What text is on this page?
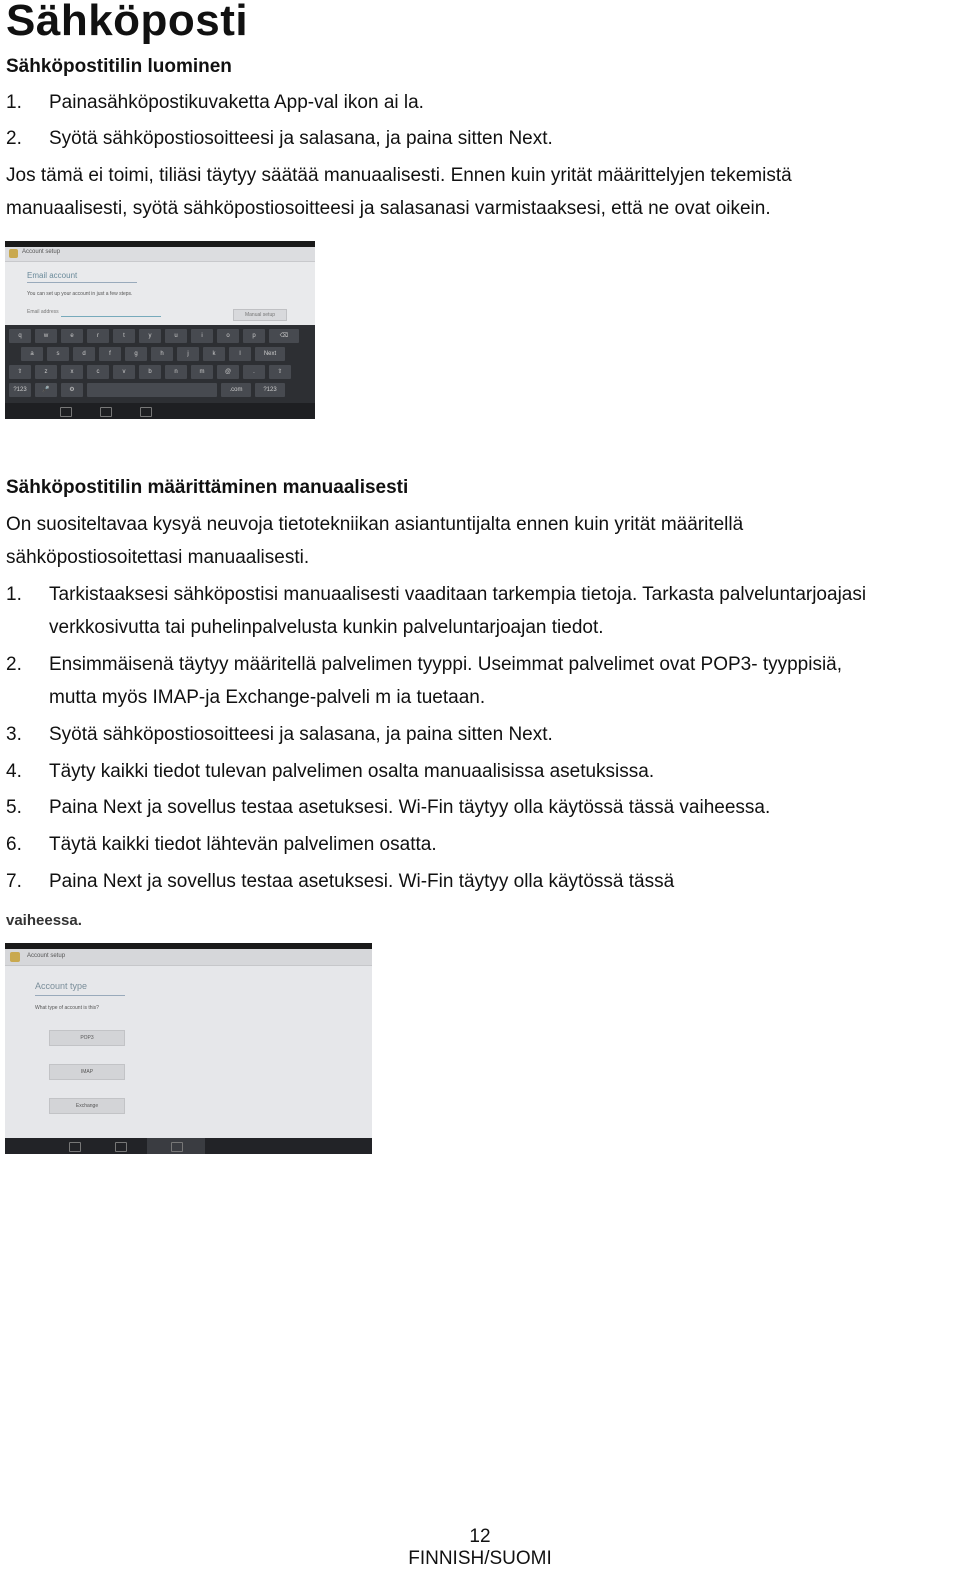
Sähköposti
Sähköpostitilin luominen
1. Painasähköpostikuvaketta App-val ikon ai la.
2. Syötä sähköpostiosoitteesi ja salasana, ja paina sitten Next.
Jos tämä ei toimi, tiliäsi täytyy säätää manuaalisesti. Ennen kuin yrität määrittelyjen tekemistä
manuaalisesti, syötä sähköpostiosoitteesi ja salasanasi varmistaaksesi, että ne ovat oikein.
Account setup
Email account
You can set up your account in just a few steps.
Email address	Manual setup
q	w	e	r	t	y	u	i	o	p	⌫
a	s	d	f	g	h	j	k	l	Next
⇧	z	x	c	v	b	n	m	@	.	⇧
?123	🎤	⚙	.com	?123
Sähköpostitilin määrittäminen manuaalisesti
On suositeltavaa kysyä neuvoja tietotekniikan asiantuntijalta ennen kuin yrität määritellä
sähköpostiosoitettasi manuaalisesti.
1. Tarkistaaksesi sähköpostisi manuaalisesti vaaditaan tarkempia tietoja. Tarkasta palveluntarjoajasi
verkkosivutta tai puhelinpalvelusta kunkin palveluntarjoajan tiedot.
2. Ensimmäisenä täytyy määritellä palvelimen tyyppi. Useimmat palvelimet ovat POP3- tyyppisiä,
mutta myös IMAP-ja Exchange-palveli m ia tuetaan.
3. Syötä sähköpostiosoitteesi ja salasana, ja paina sitten Next.
4. Täyty kaikki tiedot tulevan palvelimen osalta manuaalisissa asetuksissa.
5. Paina Next ja sovellus testaa asetuksesi. Wi-Fin täytyy olla käytössä tässä vaiheessa.
6. Täytä kaikki tiedot lähtevän palvelimen osatta.
7. Paina Next ja sovellus testaa asetuksesi. Wi-Fin täytyy olla käytössä tässä
vaiheessa.
Account setup
Account type
What type of account is this?
POP3
IMAP
Exchange
12
FINNISH/SUOMI
